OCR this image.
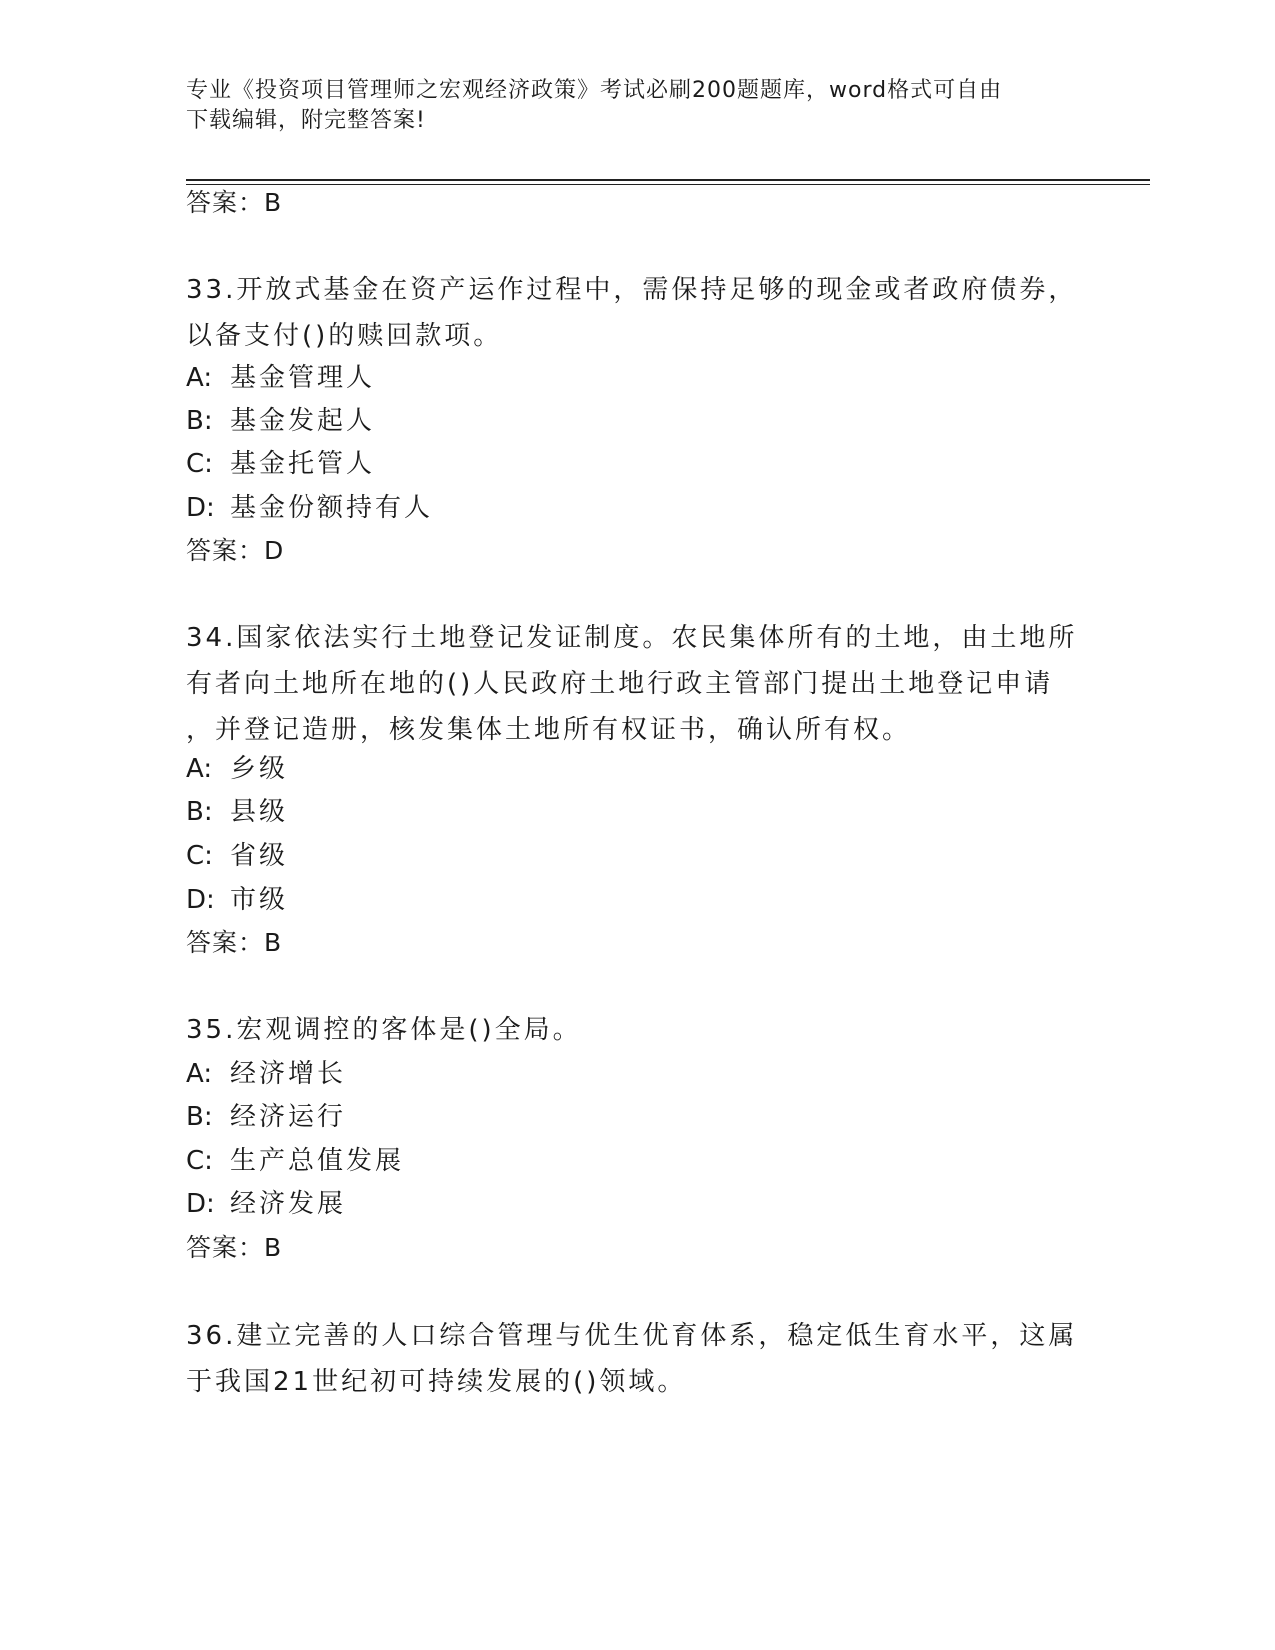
专业《投资项目管理师之宏观经济政策》考试必刷200题题库，word格式可自由
下载编辑，附完整答案!
答案：B
33.开放式基金在资产运作过程中，需保持足够的现金或者政府债券，
以备支付()的赎回款项。
A: 基金管理人
B: 基金发起人
C: 基金托管人
D: 基金份额持有人
答案：D
34.国家依法实行土地登记发证制度。农民集体所有的土地，由土地所
有者向土地所在地的()人民政府土地行政主管部门提出土地登记申请
，并登记造册，核发集体土地所有权证书，确认所有权。
A: 乡级
B: 县级
C: 省级
D: 市级
答案：B
35.宏观调控的客体是()全局。
A: 经济增长
B: 经济运行
C: 生产总值发展
D: 经济发展
答案：B
36.建立完善的人口综合管理与优生优育体系，稳定低生育水平，这属
于我国21世纪初可持续发展的()领域。
